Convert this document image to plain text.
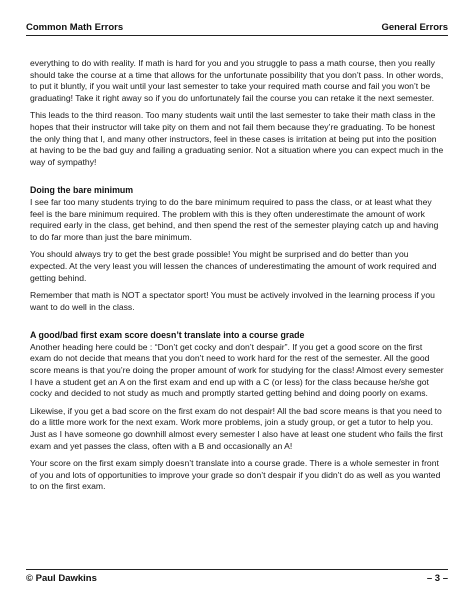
Common Math Errors	General Errors

everything to do with reality. If math is hard for you and you struggle to pass a math course, then you really should take the course at a time that allows for the unfortunate possibility that you don’t pass. In other words, to put it bluntly, if you wait until your last semester to take your required math course and fail you won’t be graduating! Take it right away so if you do unfortunately fail the course you can retake it the next semester.

This leads to the third reason. Too many students wait until the last semester to take their math class in the hopes that their instructor will take pity on them and not fail them because they’re graduating. To be honest the only thing that I, and many other instructors, feel in these cases is irritation at being put into the position at having to be the bad guy and failing a graduating senior. Not a situation where you can expect much in the way of sympathy!

Doing the bare minimum

I see far too many students trying to do the bare minimum required to pass the class, or at least what they feel is the bare minimum required. The problem with this is they often underestimate the amount of work required early in the class, get behind, and then spend the rest of the semester playing catch up and having to do far more than just the bare minimum.

You should always try to get the best grade possible! You might be surprised and do better than you expected. At the very least you will lessen the chances of underestimating the amount of work required and getting behind.

Remember that math is NOT a spectator sport! You must be actively involved in the learning process if you want to do well in the class.

A good/bad first exam score doesn’t translate into a course grade

Another heading here could be : “Don’t get cocky and don’t despair”. If you get a good score on the first exam do not decide that means that you don’t need to work hard for the rest of the semester. All the good score means is that you’re doing the proper amount of work for studying for the class! Almost every semester I have a student get an A on the first exam and end up with a C (or less) for the class because he/she got cocky and decided to not study as much and promptly started getting behind and doing poorly on exams.

Likewise, if you get a bad score on the first exam do not despair! All the bad score means is that you need to do a little more work for the next exam. Work more problems, join a study group, or get a tutor to help you. Just as I have someone go downhill almost every semester I also have at least one student who fails the first exam and yet passes the class, often with a B and occasionally an A!

Your score on the first exam simply doesn’t translate into a course grade. There is a whole semester in front of you and lots of opportunities to improve your grade so don’t despair if you didn’t do as well as you wanted to on the first exam.

© Paul Dawkins	– 3 –
